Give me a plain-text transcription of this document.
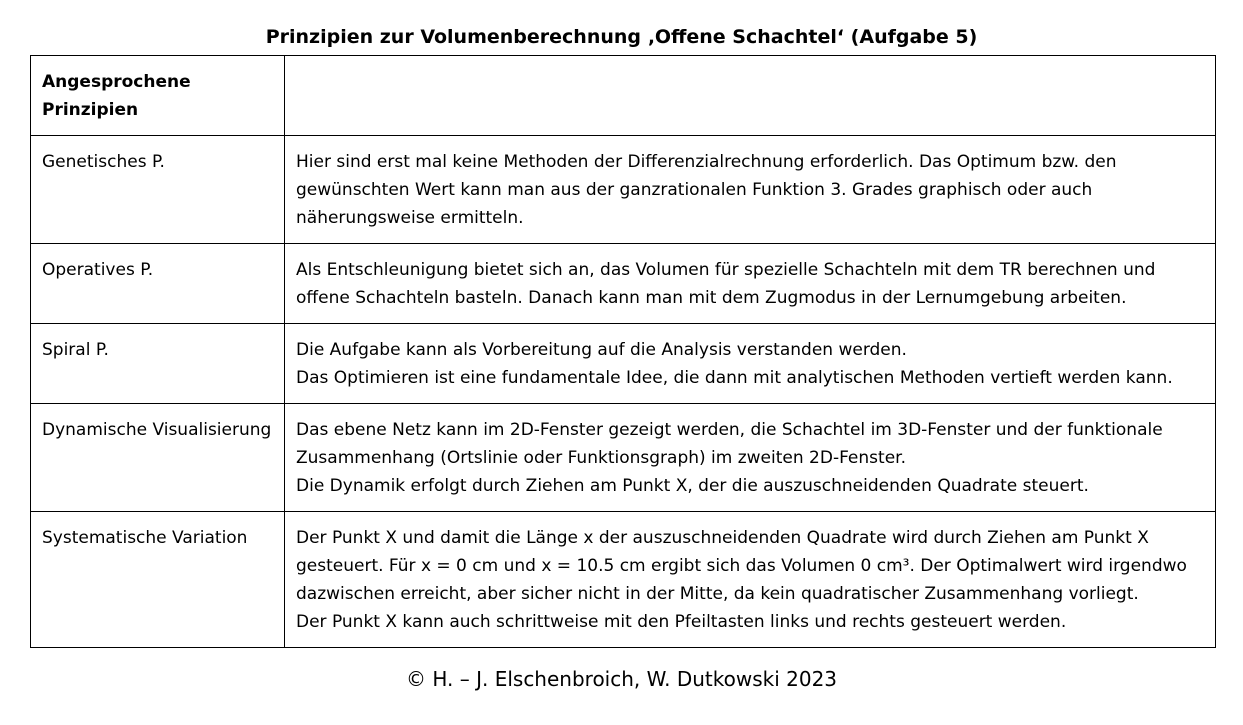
Prinzipien zur Volumenberechnung ‚Offene Schachtel‘ (Aufgabe 5)
Angesprochene Prinzipien	
Genetisches P.	Hier sind erst mal keine Methoden der Differenzialrechnung erforderlich. Das Optimum bzw. den
gewünschten Wert kann man aus der ganzrationalen Funktion 3. Grades graphisch oder auch
näherungsweise ermitteln.

Operatives P.	Als Entschleunigung bietet sich an, das Volumen für spezielle Schachteln mit dem TR berechnen und
offene Schachteln basteln. Danach kann man mit dem Zugmodus in der Lernumgebung arbeiten.

Spiral P.	Die Aufgabe kann als Vorbereitung auf die Analysis verstanden werden.
Das Optimieren ist eine fundamentale Idee, die dann mit analytischen Methoden vertieft werden kann.

Dynamische Visualisierung	Das ebene Netz kann im 2D-Fenster gezeigt werden, die Schachtel im 3D-Fenster und der funktionale
Zusammenhang (Ortslinie oder Funktionsgraph) im zweiten 2D-Fenster.
Die Dynamik erfolgt durch Ziehen am Punkt X, der die auszuschneidenden Quadrate steuert.

Systematische Variation	Der Punkt X und damit die Länge x der auszuschneidenden Quadrate wird durch Ziehen am Punkt X
gesteuert. Für x = 0 cm und x = 10.5 cm ergibt sich das Volumen 0 cm³. Der Optimalwert wird irgendwo
dazwischen erreicht, aber sicher nicht in der Mitte, da kein quadratischer Zusammenhang vorliegt.
Der Punkt X kann auch schrittweise mit den Pfeiltasten links und rechts gesteuert werden.
© H. – J. Elschenbroich, W. Dutkowski 2023
